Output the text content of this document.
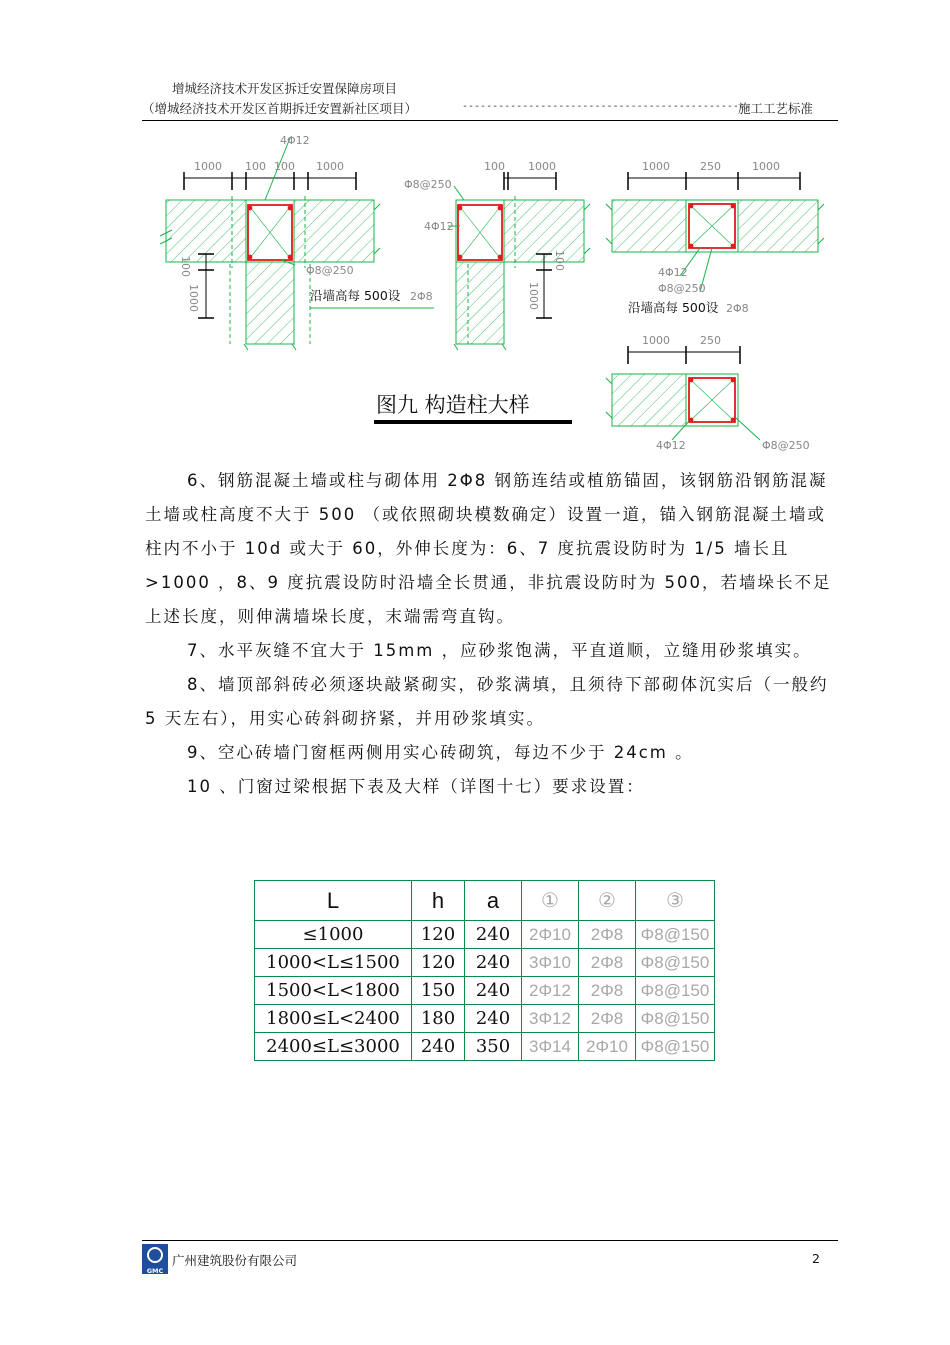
增城经济技术开发区拆迁安置保障房项目
（增城经济技术开发区首期拆迁安置新社区项目）	------------------------------------------------
施工工艺标准
1000 100 100 1000	100 1000	1000	250	1000
1000	250
4Φ12
Φ8@250
4Φ12
Φ8@250
2Φ8
4Φ12
Φ8@250
2Φ8
4Φ12	Φ8@250
1000
100
1000
100
沿墙高每 500设
沿墙高每 500设
图九 构造柱大样

6、钢筋混凝土墙或柱与砌体用 2Φ8 钢筋连结或植筋锚固，该钢筋沿钢筋混凝土墙或柱高度不大于 500 （或依照砌块模数确定）设置一道，锚入钢筋混凝土墙或柱内不小于 10d 或大于 60，外伸长度为：6、7 度抗震设防时为 1/5 墙长且>1000 ，8、9 度抗震设防时沿墙全长贯通，非抗震设防时为 500，若墙垛长不足上述长度，则伸满墙垛长度，末端需弯直钩。

7、水平灰缝不宜大于 15mm ，应砂浆饱满，平直道顺，立缝用砂浆填实。

8、墙顶部斜砖必须逐块敲紧砌实，砂浆满填，且须待下部砌体沉实后（一般约 5 天左右），用实心砖斜砌挤紧，并用砂浆填实。

9、空心砖墙门窗框两侧用实心砖砌筑，每边不少于 24cm 。

10 、门窗过梁根据下表及大样（详图十七）要求设置：

L	h	a	①	②	③
≤1000	120	240	2Φ10	2Φ8	Φ8@150
1000<L≤1500	120	240	3Φ10	2Φ8	Φ8@150
1500<L<1800	150	240	2Φ12	2Φ8	Φ8@150
1800≤L<2400	180	240	3Φ12	2Φ8	Φ8@150
2400≤L≤3000	240	350	3Φ14	2Φ10	Φ8@150
GMC
广州建筑股份有限公司	2
